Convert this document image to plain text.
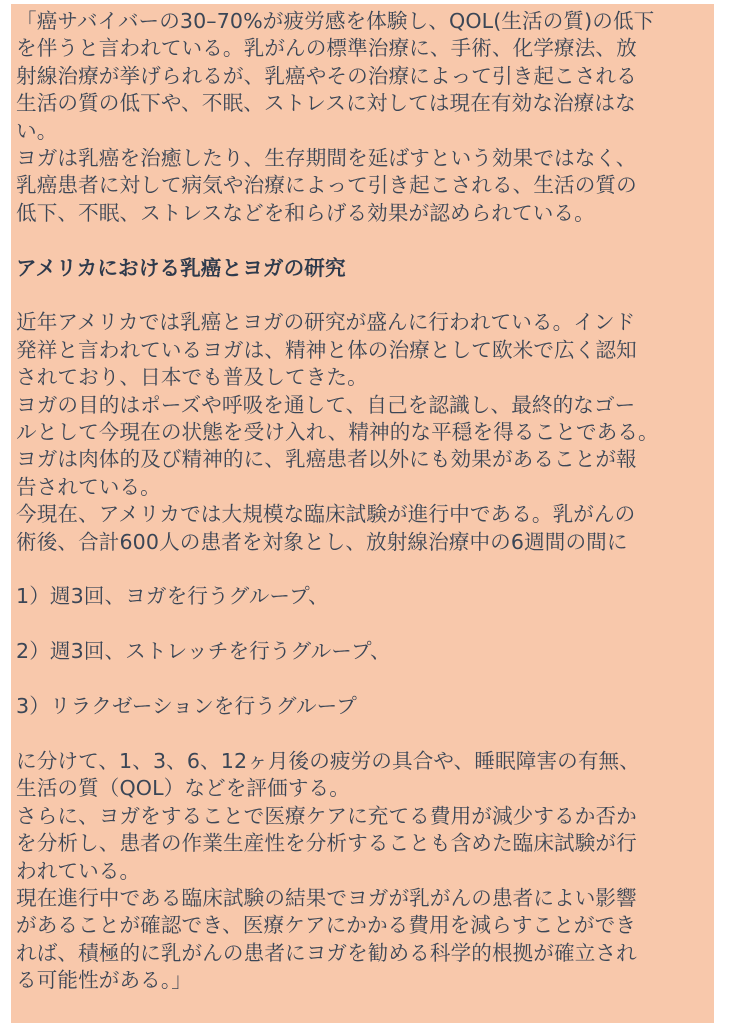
「癌サバイバーの30–70%が疲労感を体験し、QOL(生活の質)の低下

を伴うと言われている。乳がんの標準治療に、手術、化学療法、放

射線治療が挙げられるが、乳癌やその治療によって引き起こされる

生活の質の低下や、不眠、ストレスに対しては現在有効な治療はな

い。

ヨガは乳癌を治癒したり、生存期間を延ばすという効果ではなく、

乳癌患者に対して病気や治療によって引き起こされる、生活の質の

低下、不眠、ストレスなどを和らげる効果が認められている。

アメリカにおける乳癌とヨガの研究

近年アメリカでは乳癌とヨガの研究が盛んに行われている。インド

発祥と言われているヨガは、精神と体の治療として欧米で広く認知

されており、日本でも普及してきた。

ヨガの目的はポーズや呼吸を通して、自己を認識し、最終的なゴー

ルとして今現在の状態を受け入れ、精神的な平穏を得ることである。

ヨガは肉体的及び精神的に、乳癌患者以外にも効果があることが報

告されている。

今現在、アメリカでは大規模な臨床試験が進行中である。乳がんの

術後、合計600人の患者を対象とし、放射線治療中の6週間の間に

1）週3回、ヨガを行うグループ、

2）週3回、ストレッチを行うグループ、

3）リラクゼーションを行うグループ

に分けて、1、3、6、12ヶ月後の疲労の具合や、睡眠障害の有無、

生活の質（QOL）などを評価する。

さらに、ヨガをすることで医療ケアに充てる費用が減少するか否か

を分析し、患者の作業生産性を分析することも含めた臨床試験が行

われている。

現在進行中である臨床試験の結果でヨガが乳がんの患者によい影響

があることが確認でき、医療ケアにかかる費用を減らすことができ

れば、積極的に乳がんの患者にヨガを勧める科学的根拠が確立され

る可能性がある。」
